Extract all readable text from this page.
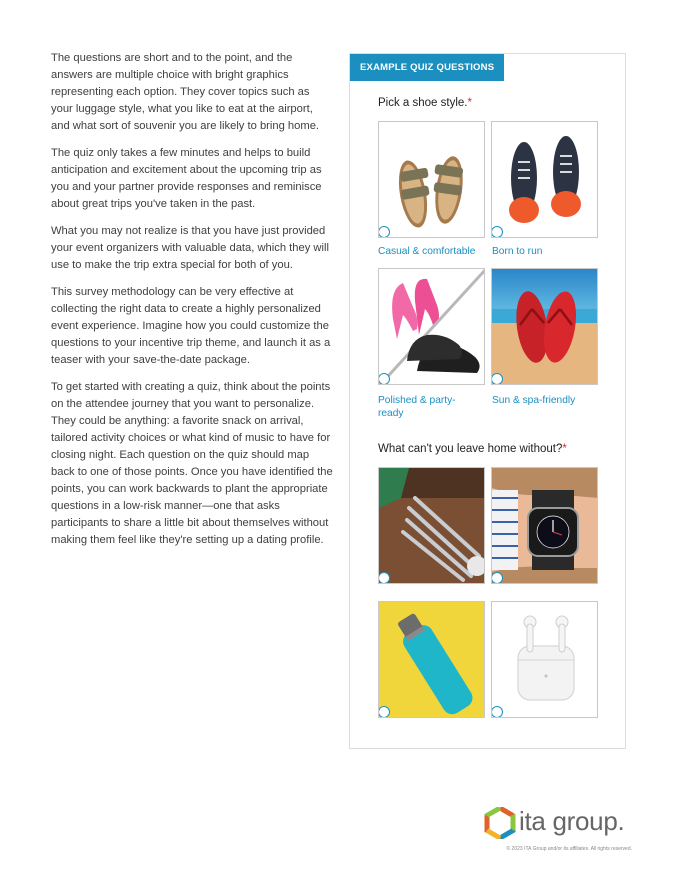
The questions are short and to the point, and the answers are multiple choice with bright graphics representing each option. They cover topics such as your luggage style, what you like to eat at the airport, and what sort of souvenir you are likely to bring home.

The quiz only takes a few minutes and helps to build anticipation and excitement about the upcoming trip as you and your partner provide responses and reminisce about great trips you've taken in the past.

What you may not realize is that you have just provided your event organizers with valuable data, which they will use to make the trip extra special for both of you.

This survey methodology can be very effective at collecting the right data to create a highly personalized event experience. Imagine how you could customize the questions to your incentive trip theme, and launch it as a teaser with your save-the-date package.

To get started with creating a quiz, think about the points on the attendee journey that you want to personalize. They could be anything: a favorite snack on arrival, tailored activity choices or what kind of music to have for closing night. Each question on the quiz should map back to one of those points. Once you have identified the points, you can work backwards to plant the appropriate questions in a low-risk manner—one that asks participants to share a little bit about themselves without making them feel like they're setting up a dating profile.

EXAMPLE QUIZ QUESTIONS
Pick a shoe style.*
Casual & comfortable Born to run
Polished & party-ready
Sun & spa-friendly
What can't you leave home without?*
ita group.
© 2023 ITA Group and/or its affiliates. All rights reserved.
